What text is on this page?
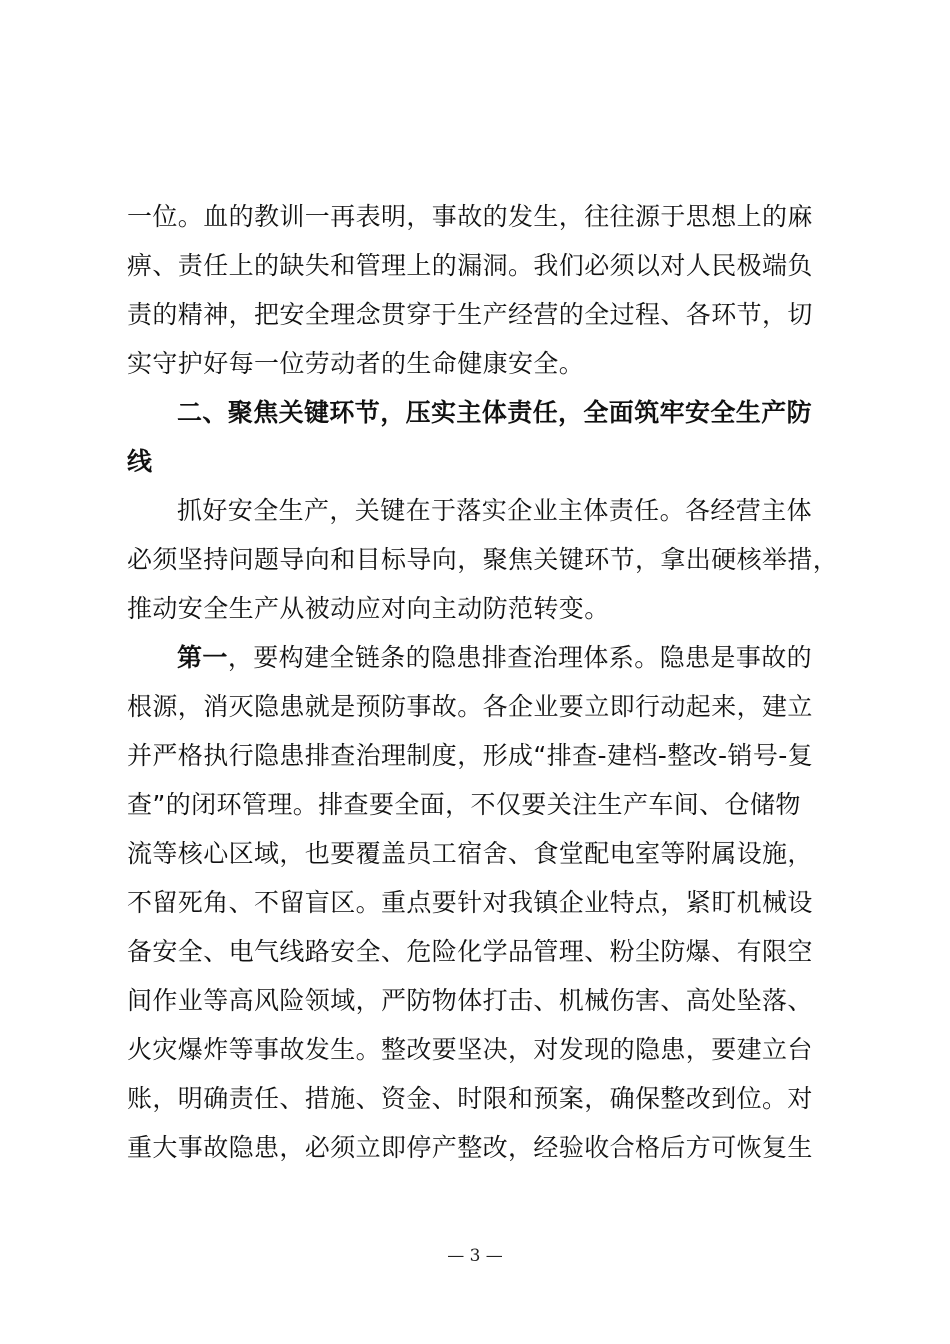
一位。血的教训一再表明，事故的发生，往往源于思想上的麻
痹、责任上的缺失和管理上的漏洞。我们必须以对人民极端负
责的精神，把安全理念贯穿于生产经营的全过程、各环节，切
实守护好每一位劳动者的生命健康安全。
二、聚焦关键环节，压实主体责任，全面筑牢安全生产防
线
抓好安全生产，关键在于落实企业主体责任。各经营主体
必须坚持问题导向和目标导向，聚焦关键环节，拿出硬核举措，
推动安全生产从被动应对向主动防范转变。
第一，要构建全链条的隐患排查治理体系。隐患是事故的
根源，消灭隐患就是预防事故。各企业要立即行动起来，建立
并严格执行隐患排查治理制度，形成“排查-建档-整改-销号-复
查”的闭环管理。排查要全面，不仅要关注生产车间、仓储物
流等核心区域，也要覆盖员工宿舍、食堂配电室等附属设施，
不留死角、不留盲区。重点要针对我镇企业特点，紧盯机械设
备安全、电气线路安全、危险化学品管理、粉尘防爆、有限空
间作业等高风险领域，严防物体打击、机械伤害、高处坠落、
火灾爆炸等事故发生。整改要坚决，对发现的隐患，要建立台
账，明确责任、措施、资金、时限和预案，确保整改到位。对
重大事故隐患，必须立即停产整改，经验收合格后方可恢复生
— 3 —
